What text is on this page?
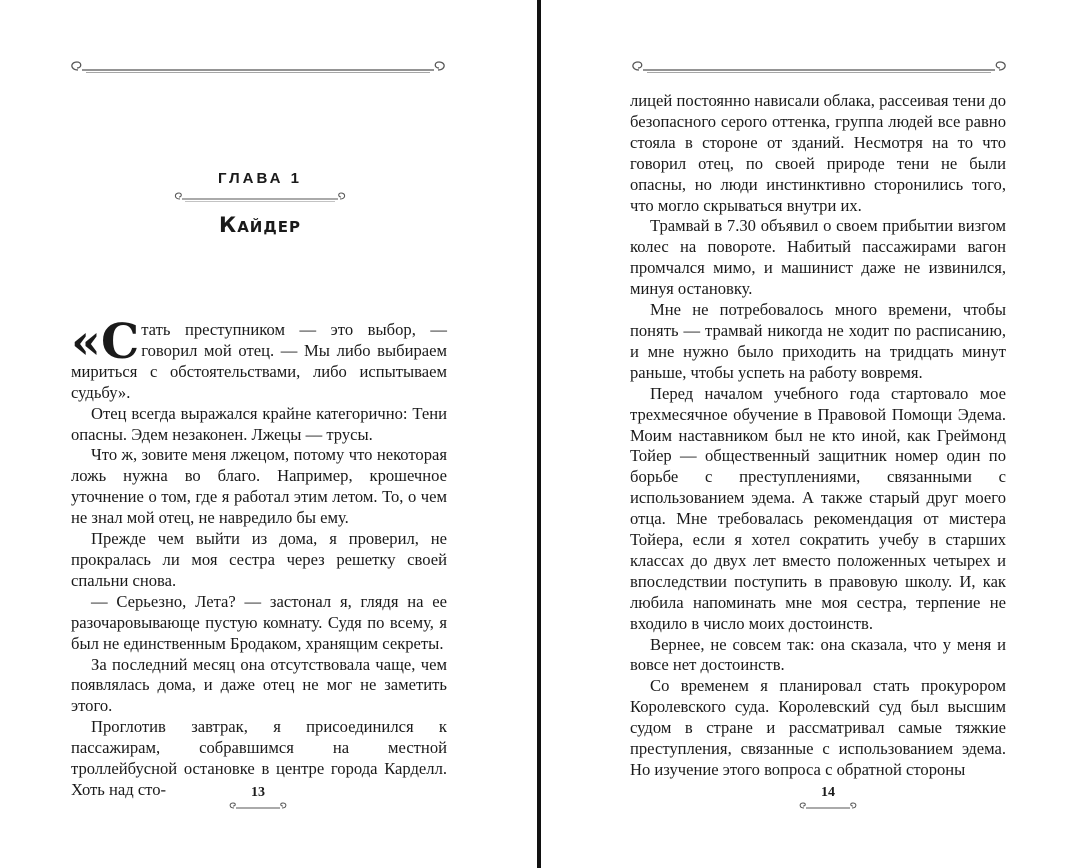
ГЛАВА 1
Кайдер

«Стать преступником — это выбор, — говорил мой отец. — Мы либо выбираем мириться с обстоятельствами, либо испытываем судьбу».

Отец всегда выражался крайне категорично: Тени опасны. Эдем незаконен. Лжецы — трусы.

Что ж, зовите меня лжецом, потому что некоторая ложь нужна во благо. Например, крошечное уточнение о том, где я работал этим летом. То, о чем не знал мой отец, не навредило бы ему.

Прежде чем выйти из дома, я проверил, не прокралась ли моя сестра через решетку своей спальни снова.

— Серьезно, Лета? — застонал я, глядя на ее разочаровывающе пустую комнату. Судя по всему, я был не единственным Бродаком, хранящим секреты.

За последний месяц она отсутствовала чаще, чем появлялась дома, и даже отец не мог не заметить этого.

Проглотив завтрак, я присоединился к пассажирам, собравшимся на местной троллейбусной остановке в центре города Карделл. Хоть над сто-	13

лицей постоянно нависали облака, рассеивая тени до безопасного серого оттенка, группа людей все равно стояла в стороне от зданий. Несмотря на то что говорил отец, по своей природе тени не были опасны, но люди инстинктивно сторонились того, что могло скрываться внутри их.

Трамвай в 7.30 объявил о своем прибытии визгом колес на повороте. Набитый пассажирами вагон промчался мимо, и машинист даже не извинился, минуя остановку.

Мне не потребовалось много времени, чтобы понять — трамвай никогда не ходит по расписанию, и мне нужно было приходить на тридцать минут раньше, чтобы успеть на работу вовремя.

Перед началом учебного года стартовало мое трехмесячное обучение в Правовой Помощи Эдема. Моим наставником был не кто иной, как Греймонд Тойер — общественный защитник номер один по борьбе с преступлениями, связанными с использованием эдема. А также старый друг моего отца. Мне требовалась рекомендация от мистера Тойера, если я хотел сократить учебу в старших классах до двух лет вместо положенных четырех и впоследствии поступить в правовую школу. И, как любила напоминать мне моя сестра, терпение не входило в число моих достоинств.

Вернее, не совсем так: она сказала, что у меня и вовсе нет достоинств.

Со временем я планировал стать прокурором Королевского суда. Королевский суд был высшим судом в стране и рассматривал самые тяжкие преступления, связанные с использованием эдема. Но изучение этого вопроса с обратной стороны

14
